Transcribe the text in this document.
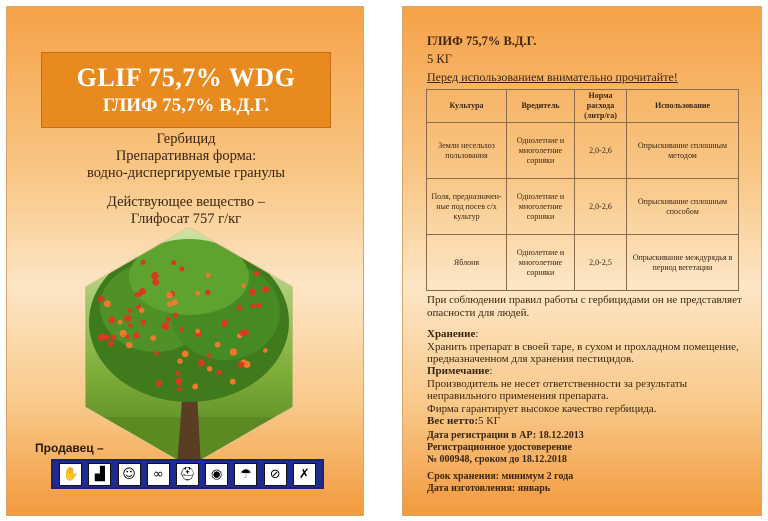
GLIF 75,7% WDG
ГЛИФ 75,7% В.Д.Г.
Гербицид
Препаративная форма:
водно-диспергируемые гранулы
Действующее вещество –
Глифосат 757 г/кг
Продавец –
✋	▟	☺	∞	⛑	◉	☂	⊘	✗
ГЛИФ 75,7% В.Д.Г.
5 КГ
Перед использованием внимательно прочитайте!
Культура	Вредитель	Норма расхода (литр/га)	Использование
Земли несельхоз пользования	Однолетние и многолетние сорняки	2,0-2,6	Опрыскивание сплошным методом
Поля, предназначен-ные под посев с/х культур	Однолетние и многолетние сорняки	2,0-2,6	Опрыскивание сплошным способом
Яблоня	Однолетние и многолетние сорняки	2,0-2,5	Опрыскивание междурядья в период вегетации
При соблюдении правил работы с гербицидами он не представляет опасности для людей.
Хранение:
Хранить препарат в своей таре, в сухом и прохладном помещение, предназначенном для хранения пестицидов.
Примечание:
Производитель не несет ответственности за результаты неправильного применения препарата.
Фирма гарантирует высокое качество гербицида.
Вес нетто:5 КГ
Дата регистрации в АР: 18.12.2013
Регистрационное удостоверение
№ 000948, сроком до 18.12.2018
Срок хранения: минимум 2 года
Дата изготовления: январь
